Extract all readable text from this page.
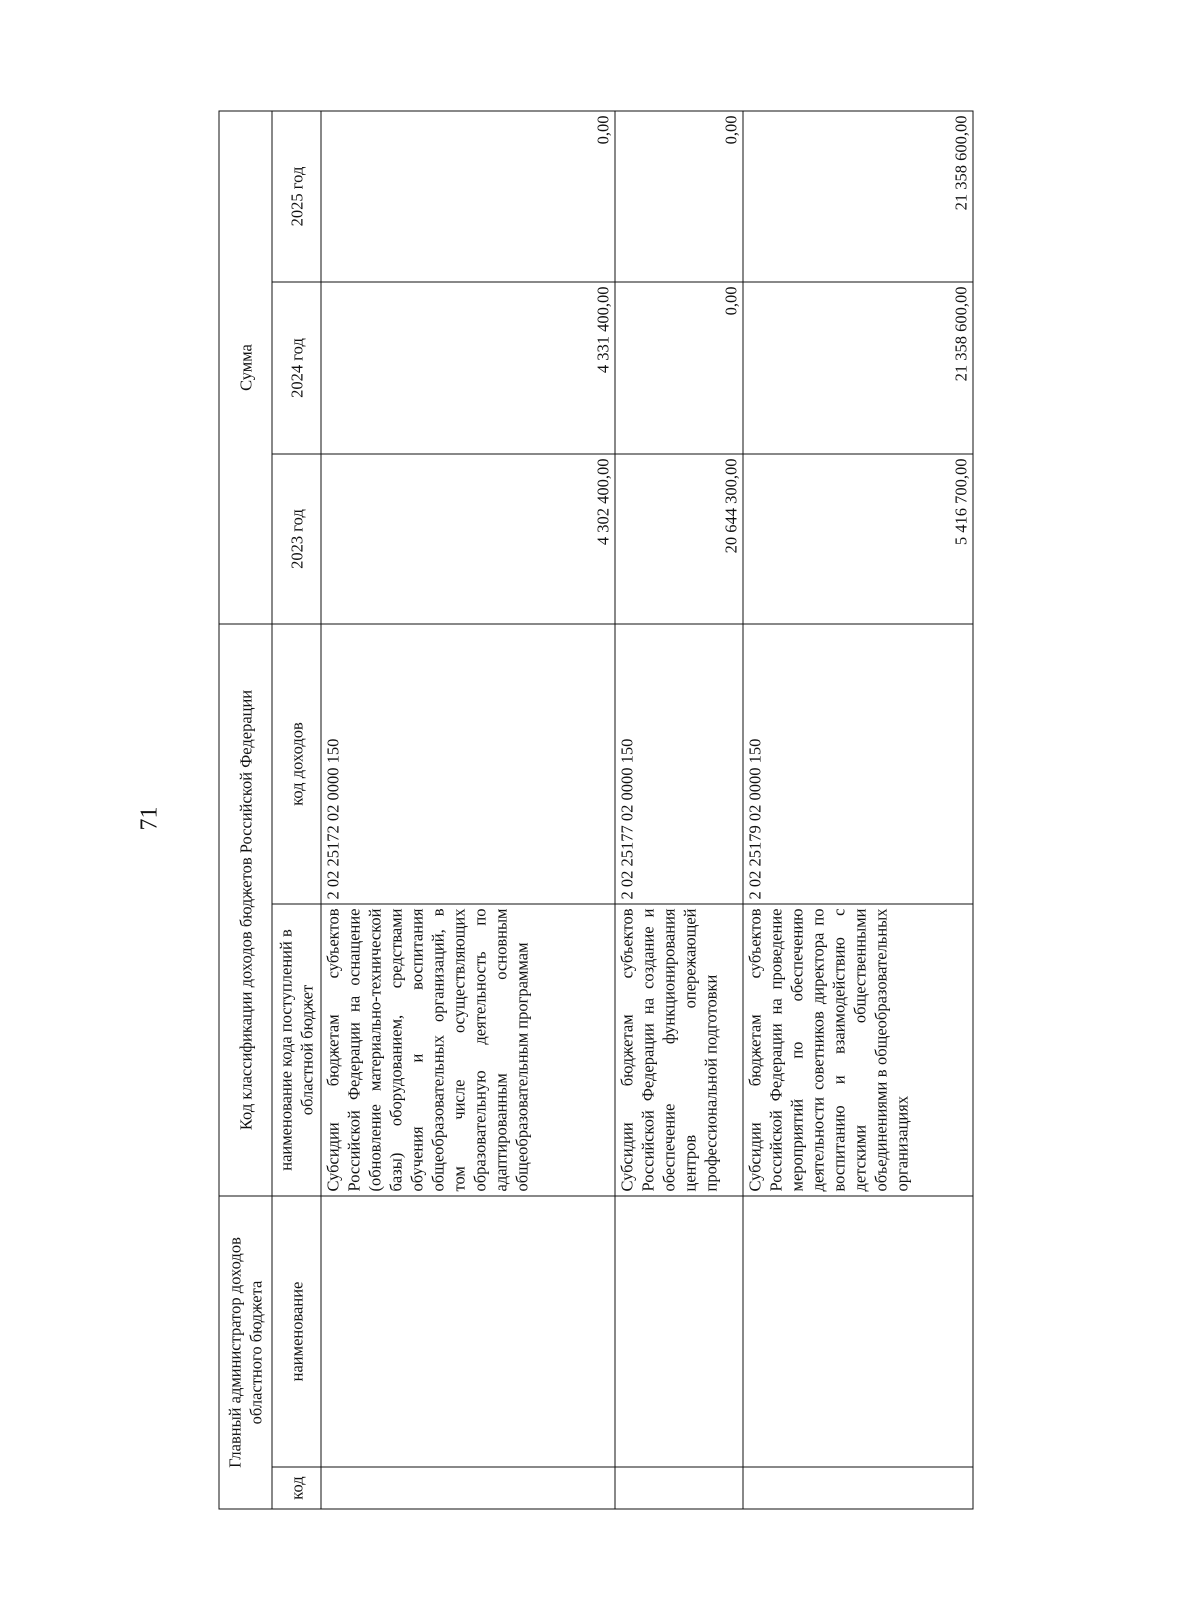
71
Главный администратор доходов областного бюджета		Код классификации доходов бюджетов Российской Федерации		Сумма		
код	наименование	наименование кода поступлений в областной бюджет	код доходов	2023 год	2024 год	2025 год
		Субсидии бюджетам субъектов Российской Федерации на оснащение (обновление материально-технической базы) оборудованием, средствами обучения и воспитания общеобразовательных организаций, в том числе осуществляющих образовательную деятельность по адаптированным основным общеобразовательным программам	2 02 25172 02 0000 150	4 302 400,00	4 331 400,00	0,00
		Субсидии бюджетам субъектов Российской Федерации на создание и обеспечение функционирования центров опережающей профессиональной подготовки	2 02 25177 02 0000 150	20 644 300,00	0,00	0,00
		Субсидии бюджетам субъектов Российской Федерации на проведение мероприятий по обеспечению деятельности советников директора по воспитанию и взаимодействию с детскими общественными объединениями в общеобразовательных организациях	2 02 25179 02 0000 150	5 416 700,00	21 358 600,00	21 358 600,00
